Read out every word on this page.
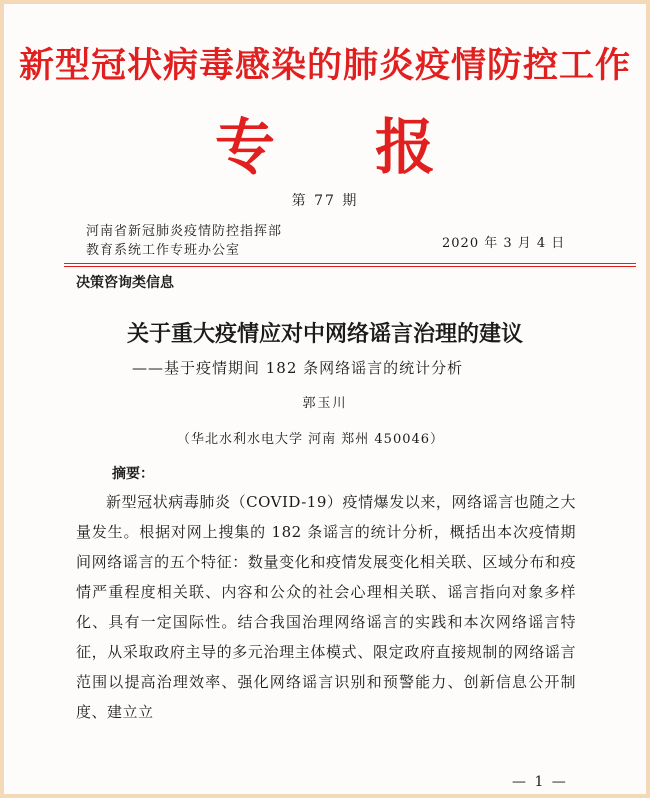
新型冠状病毒感染的肺炎疫情防控工作
专 报
第 77 期
河南省新冠肺炎疫情防控指挥部
教育系统工作专班办公室	2020 年 3 月 4 日
决策咨询类信息
关于重大疫情应对中网络谣言治理的建议
——基于疫情期间 182 条网络谣言的统计分析
郭玉川
（华北水利水电大学 河南 郑州 450046）
摘要：
新型冠状病毒肺炎（COVID-19）疫情爆发以来，网络谣言也随之大量发生。根据对网上搜集的 182 条谣言的统计分析，概括出本次疫情期间网络谣言的五个特征：数量变化和疫情发展变化相关联、区域分布和疫情严重程度相关联、内容和公众的社会心理相关联、谣言指向对象多样化、具有一定国际性。结合我国治理网络谣言的实践和本次网络谣言特征，从采取政府主导的多元治理主体模式、限定政府直接规制的网络谣言范围以提高治理效率、强化网络谣言识别和预警能力、创新信息公开制度、建立立
— 1 —
